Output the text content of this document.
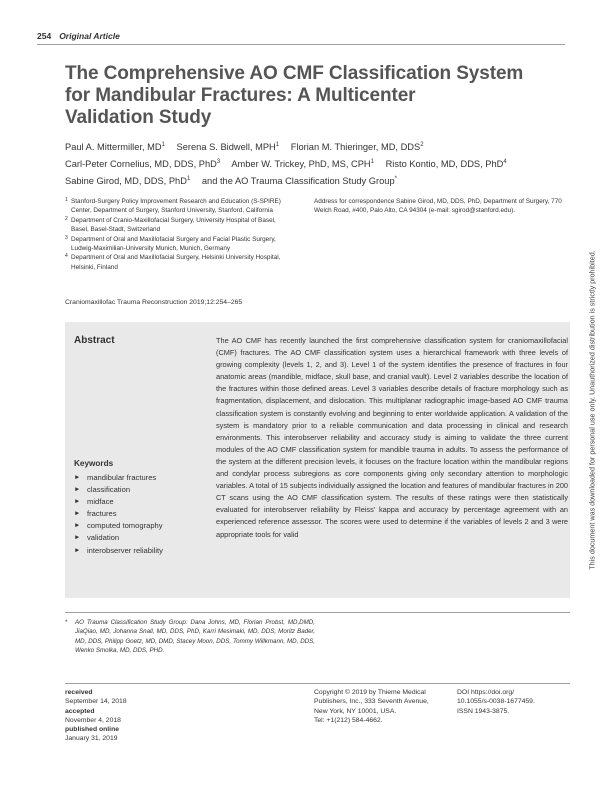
254 Original Article
The Comprehensive AO CMF Classification System
for Mandibular Fractures: A Multicenter
Validation Study
Paul A. Mittermiller, $MD^1$ Serena S. Bidwell, MPH$^1$ Florian M. Thieringer, MD, DDS$^2$
Carl-Peter Cornelius, MD, DDS, PhD$^3$ Amber W. Trickey, PhD, MS, CPH$^1$ Risto Kontio, MD, DDS, PhD$^4$
Sabine Girod, MD, DDS, PhD$^1$ and the AO Trauma Classification Study Group*
1 Stanford-Surgery Policy Improvement Research and Education (S-SPIRE) Center, Department of Surgery, Stanford University, Stanford, California
2 Department of Cranio-Maxillofacial Surgery, University Hospital of Basel, Basel, Basel-Stadt, Switzerland
3 Department of Oral and Maxillofacial Surgery and Facial Plastic Surgery, Ludwig-Maximilian-University Munich, Munich, Germany
4 Department of Oral and Maxillofacial Surgery, Helsinki University Hospital, Helsinki, Finland
Address for correspondence Sabine Girod, MD, DDS, PhD, Department of Surgery, 770 Welch Road, #400, Palo Alto, CA 94304 (e-mail: sgirod@stanford.edu).
Craniomaxillofac Trauma Reconstruction 2019;12:254–265
Abstract	The AO CMF has recently launched the first comprehensive classification system for craniomaxillofacial (CMF) fractures. The AO CMF classification system uses a hierarchical framework with three levels of growing complexity (levels 1, 2, and 3). Level 1 of the system identifies the presence of fractures in four anatomic areas (mandible, midface, skull base, and cranial vault). Level 2 variables describe the location of the fractures within those defined areas. Level 3 variables describe details of fracture morphology such as fragmentation, displacement, and dislocation. This multiplanar radiographic image-based AO CMF trauma classification system is constantly evolving and beginning to enter worldwide application. A validation of the system is mandatory prior to a reliable communication and data processing in clinical and research environments. This interobserver reliability and accuracy study is aiming to validate the three current modules of the AO CMF classification system for mandible trauma in adults. To assess the performance of the system at the different precision levels, it focuses on the fracture location within the mandibular regions and condylar process subregions as core components giving only secondary attention to morphologic variables. A total of 15 subjects individually assigned the location and features of mandibular fractures in 200 CT scans using the AO CMF classification system. The results of these ratings were then statistically evaluated for interobserver reliability by Fleiss' kappa and accuracy by percentage agreement with an experienced reference assessor. The scores were used to determine if the variables of levels 2 and 3 were appropriate tools for valid

Keywords
► mandibular fractures
► classification
► midface
► fractures
► computed tomography
► validation
► interobserver reliability
*	AO Trauma Classification Study Group: Dana Johns, MD, Florian Probst, MD,DMD, JiaQiao, MD, Johanna Snall, MD, DDS, PhD, Karri Mesimaki, MD, DDS, Moritz Bader, MD, DDS, Philipp Goetz, MD, DMD, Stacey Moon, DDS, Tommy Willkmann, MD, DDS, Wenko Smolka, MD, DDS, PHD.
received
September 14, 2018
accepted
November 4, 2018
published online
January 31, 2019
Copyright © 2019 by Thieme Medical
Publishers, Inc., 333 Seventh Avenue,
New York, NY 10001, USA.
Tel: +1(212) 584-4662.
DOI https://doi.org/
10.1055/s-0038-1677459.
ISSN 1943-3875.
This document was downloaded for personal use only. Unauthorized distribution is strictly prohibited.
